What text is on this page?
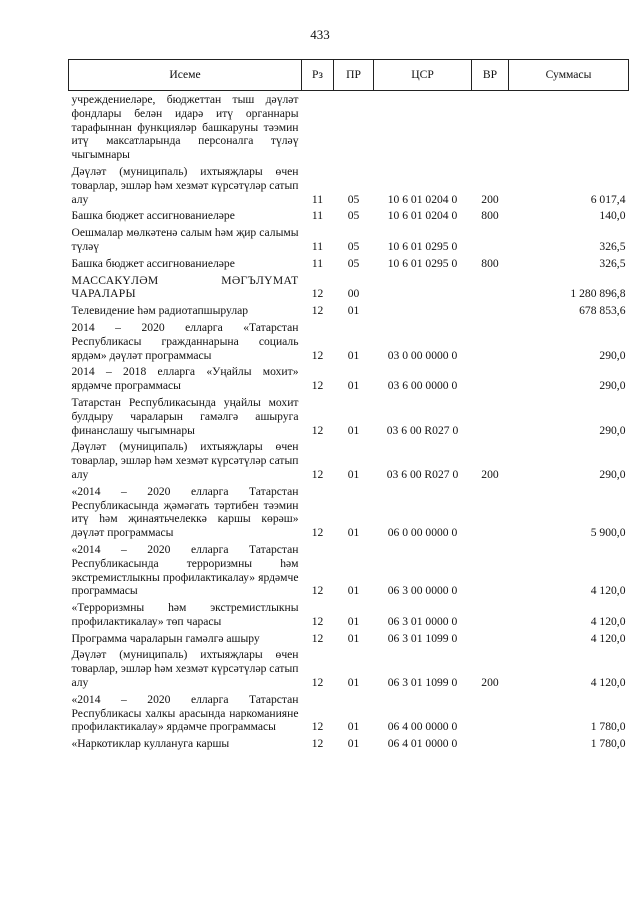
433
Исеме	Рз	ПР	ЦСР	ВР	Суммасы
учреждениеләре, бюджеттан тыш дәүләт фондлары белән идарә итү органнары тарафыннан функцияләр башкаруны тәэмин итү максатларында персоналга түләү чыгымнары					
Дәүләт (муниципаль) ихтыяҗлары өчен товарлар, эшләр һәм хезмәт күрсәтүләр сатып алу	11	05	10 6 01 0204 0	200	6 017,4
Башка бюджет ассигнованиеләре	11	05	10 6 01 0204 0	800	140,0
Оешмалар мөлкәтенә салым һәм җир салымы түләү	11	05	10 6 01 0295 0		326,5
Башка бюджет ассигнованиеләре	11	05	10 6 01 0295 0	800	326,5
МАССАКҮЛӘМ МӘГЪЛҮМАТ ЧАРАЛАРЫ	12	00			1 280 896,8
Телевидение һәм радиотапшырулар	12	01			678 853,6
2014 – 2020 елларга «Татарстан Республикасы гражданнарына социаль ярдәм» дәүләт программасы	12	01	03 0 00 0000 0		290,0
2014 – 2018 елларга «Уңайлы мохит» ярдәмче программасы	12	01	03 6 00 0000 0		290,0
Татарстан Республикасында уңайлы мохит булдыру чараларын гамәлгә ашыруга финанслашу чыгымнары	12	01	03 6 00 R027 0		290,0
Дәүләт (муниципаль) ихтыяҗлары өчен товарлар, эшләр һәм хезмәт күрсәтүләр сатып алу	12	01	03 6 00 R027 0	200	290,0
«2014 – 2020 елларга Татарстан Республикасында җәмәгать тәртибен тәэмин итү һәм җинаятьчелеккә каршы көрәш» дәүләт программасы	12	01	06 0 00 0000 0		5 900,0
«2014 – 2020 елларга Татарстан Республикасында терроризмны һәм экстремистлыкны профилактикалау» ярдәмче программасы	12	01	06 3 00 0000 0		4 120,0
«Терроризмны һәм экстремистлыкны профилактикалау» төп чарасы	12	01	06 3 01 0000 0		4 120,0
Программа чараларын гамәлгә ашыру	12	01	06 3 01 1099 0		4 120,0
Дәүләт (муниципаль) ихтыяҗлары өчен товарлар, эшләр һәм хезмәт күрсәтүләр сатып алу	12	01	06 3 01 1099 0	200	4 120,0
«2014 – 2020 елларга Татарстан Республикасы халкы арасында наркоманияне профилактикалау» ярдәмче программасы	12	01	06 4 00 0000 0		1 780,0
«Наркотиклар куллануга каршы	12	01	06 4 01 0000 0		1 780,0
